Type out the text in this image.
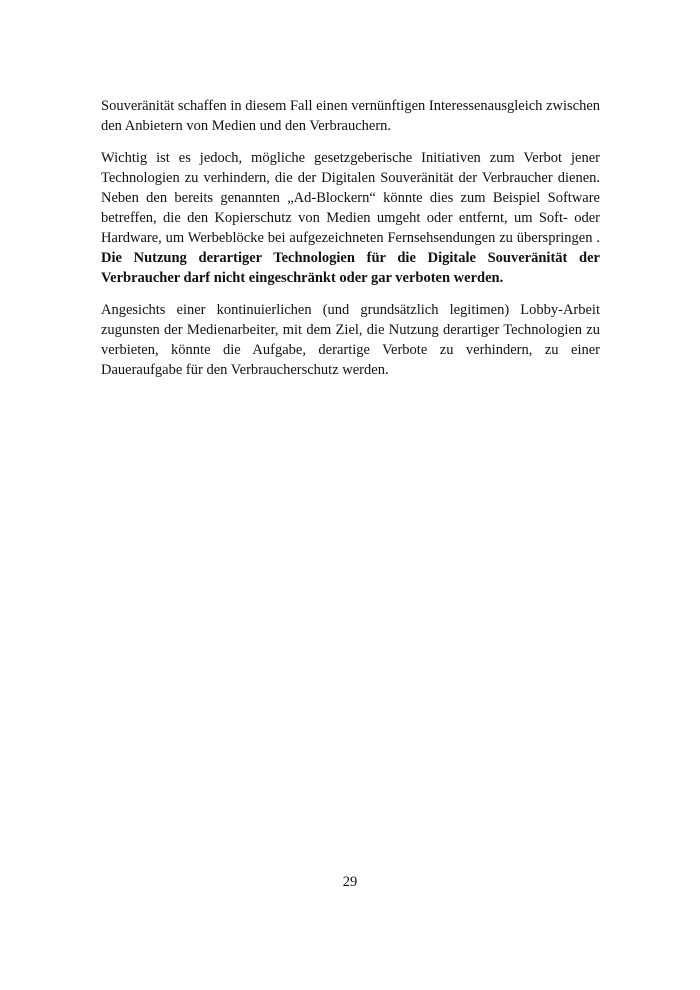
Souveränität schaffen in diesem Fall einen vernünftigen Interessenausgleich zwischen den Anbietern von Medien und den Verbrauchern.

Wichtig ist es jedoch, mögliche gesetzgeberische Initiativen zum Verbot jener Technologien zu verhindern, die der Digitalen Souveränität der Verbraucher dienen. Neben den bereits genannten „Ad-Blockern“ könnte dies zum Beispiel Software betreffen, die den Kopierschutz von Medien umgeht oder entfernt, um Soft- oder Hardware, um Werbeblöcke bei aufgezeichneten Fernsehsendungen zu überspringen . Die Nutzung derartiger Technologien für die Digitale Souveränität der Verbraucher darf nicht eingeschränkt oder gar verboten werden.

Angesichts einer kontinuierlichen (und grundsätzlich legitimen) Lobby-Arbeit zugunsten der Medienarbeiter, mit dem Ziel, die Nutzung derartiger Technologien zu verbieten, könnte die Aufgabe, derartige Verbote zu verhindern, zu einer Daueraufgabe für den Verbraucherschutz werden.

29
